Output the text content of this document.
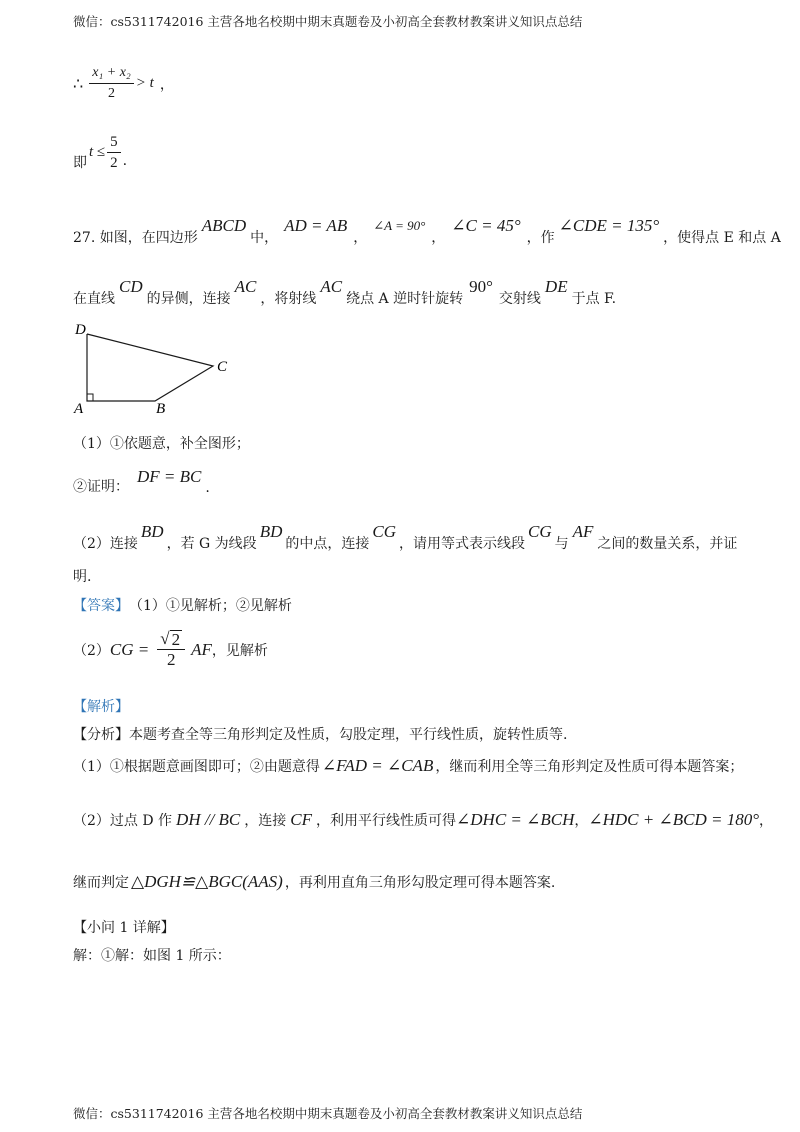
微信：cs5311742016 主营各地名校期中期末真题卷及小初高全套教材教案讲义知识点总结
∴ $\frac{\text{x₁ + x₂}}{2} > t$ ，
即
$t \le \frac{5}{2}$ .
27. 如图，在四边形
ABCD
中，
AD = AB
，
∠A = 90°
，
∠C = 45°
，作
∠CDE = 135°
，使得点 E 和点 A
在直线
CD
的异侧，连接
AC
，将射线
AC
绕点 A 逆时针旋转
90°
交射线
DE
于点 F.
D
C
A	B
（1）①依题意，补全图形；
②证明：
DF = BC
.
（2）连接
BD
，若 G 为线段
BD
的中点，连接
CG
，请用等式表示线段
CG
与
AF
之间的数量关系，并证
明.
【答案】 （1）①见解析；②见解析
（2） CG = $\frac{√ 2}{2}$ AF ，见解析
【解析】
【分析】本题考查全等三角形判定及性质，勾股定理，平行线性质，旋转性质等.
（1）①根据题意画图即可；②由题意得 ∠FAD = ∠CAB ，继而利用全等三角形判定及性质可得本题答案；
（2）过点 D 作 DH // BC ，连接 CF ，利用平行线性质可得 ∠DHC = ∠BCH ， ∠HDC + ∠BCD = 180° ，
继而判定 △DGH≌△BGC(AAS) ，再利用直角三角形勾股定理可得本题答案.
【小问 1 详解】
解：①解：如图 1 所示：
微信：cs5311742016 主营各地名校期中期末真题卷及小初高全套教材教案讲义知识点总结
